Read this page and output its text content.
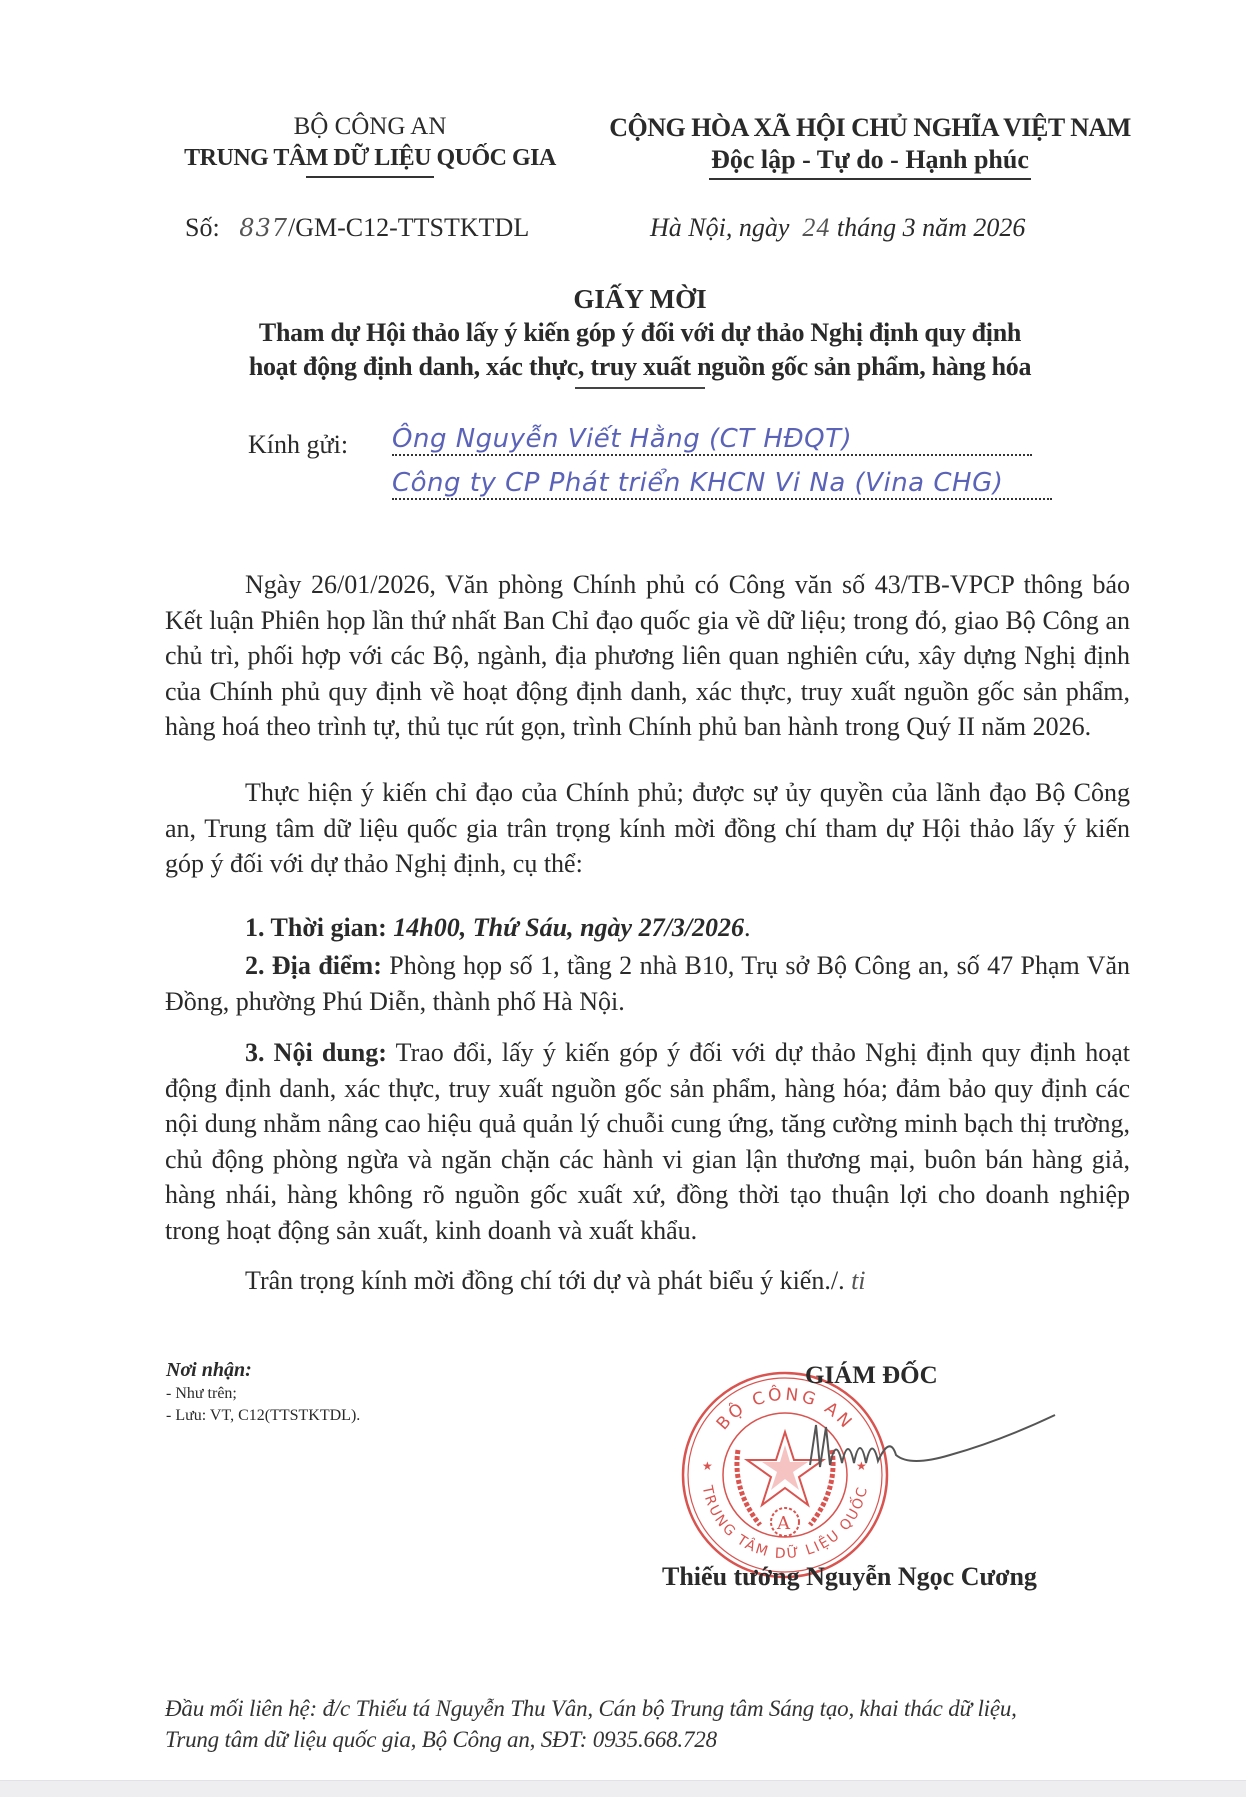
BỘ CÔNG AN
TRUNG TÂM DỮ LIỆU QUỐC GIA
CỘNG HÒA XÃ HỘI CHỦ NGHĨA VIỆT NAM
Độc lập - Tự do - Hạnh phúc
Số: 837/GM-C12-TTSTKTDL	Hà Nội, ngày 24 tháng 3 năm 2026
GIẤY MỜI
Tham dự Hội thảo lấy ý kiến góp ý đối với dự thảo Nghị định quy định
hoạt động định danh, xác thực, truy xuất nguồn gốc sản phẩm, hàng hóa
Kính gửi: Ông Nguyễn Viết Hằng (CT HĐQT)
Công ty CP Phát triển KHCN Vi Na (Vina CHG)

Ngày 26/01/2026, Văn phòng Chính phủ có Công văn số 43/TB-VPCP thông báo Kết luận Phiên họp lần thứ nhất Ban Chỉ đạo quốc gia về dữ liệu; trong đó, giao Bộ Công an chủ trì, phối hợp với các Bộ, ngành, địa phương liên quan nghiên cứu, xây dựng Nghị định của Chính phủ quy định về hoạt động định danh, xác thực, truy xuất nguồn gốc sản phẩm, hàng hoá theo trình tự, thủ tục rút gọn, trình Chính phủ ban hành trong Quý II năm 2026.

Thực hiện ý kiến chỉ đạo của Chính phủ; được sự ủy quyền của lãnh đạo Bộ Công an, Trung tâm dữ liệu quốc gia trân trọng kính mời đồng chí tham dự Hội thảo lấy ý kiến góp ý đối với dự thảo Nghị định, cụ thể:

1. Thời gian: 14h00, Thứ Sáu, ngày 27/3/2026.

2. Địa điểm: Phòng họp số 1, tầng 2 nhà B10, Trụ sở Bộ Công an, số 47 Phạm Văn Đồng, phường Phú Diễn, thành phố Hà Nội.

3. Nội dung: Trao đổi, lấy ý kiến góp ý đối với dự thảo Nghị định quy định hoạt động định danh, xác thực, truy xuất nguồn gốc sản phẩm, hàng hóa; đảm bảo quy định các nội dung nhằm nâng cao hiệu quả quản lý chuỗi cung ứng, tăng cường minh bạch thị trường, chủ động phòng ngừa và ngăn chặn các hành vi gian lận thương mại, buôn bán hàng giả, hàng nhái, hàng không rõ nguồn gốc xuất xứ, đồng thời tạo thuận lợi cho doanh nghiệp trong hoạt động sản xuất, kinh doanh và xuất khẩu.

Trân trọng kính mời đồng chí tới dự và phát biểu ý kiến./. ti

Nơi nhận:
- Như trên;
- Lưu: VT, C12(TTSTKTDL).	BỘ CÔNG AN
TRUNG TÂM DỮ LIỆU QUỐC
★	★
A
GIÁM ĐỐC
Thiếu tướng Nguyễn Ngọc Cương
Đầu mối liên hệ: đ/c Thiếu tá Nguyễn Thu Vân, Cán bộ Trung tâm Sáng tạo, khai thác dữ liệu,
Trung tâm dữ liệu quốc gia, Bộ Công an, SĐT: 0935.668.728
